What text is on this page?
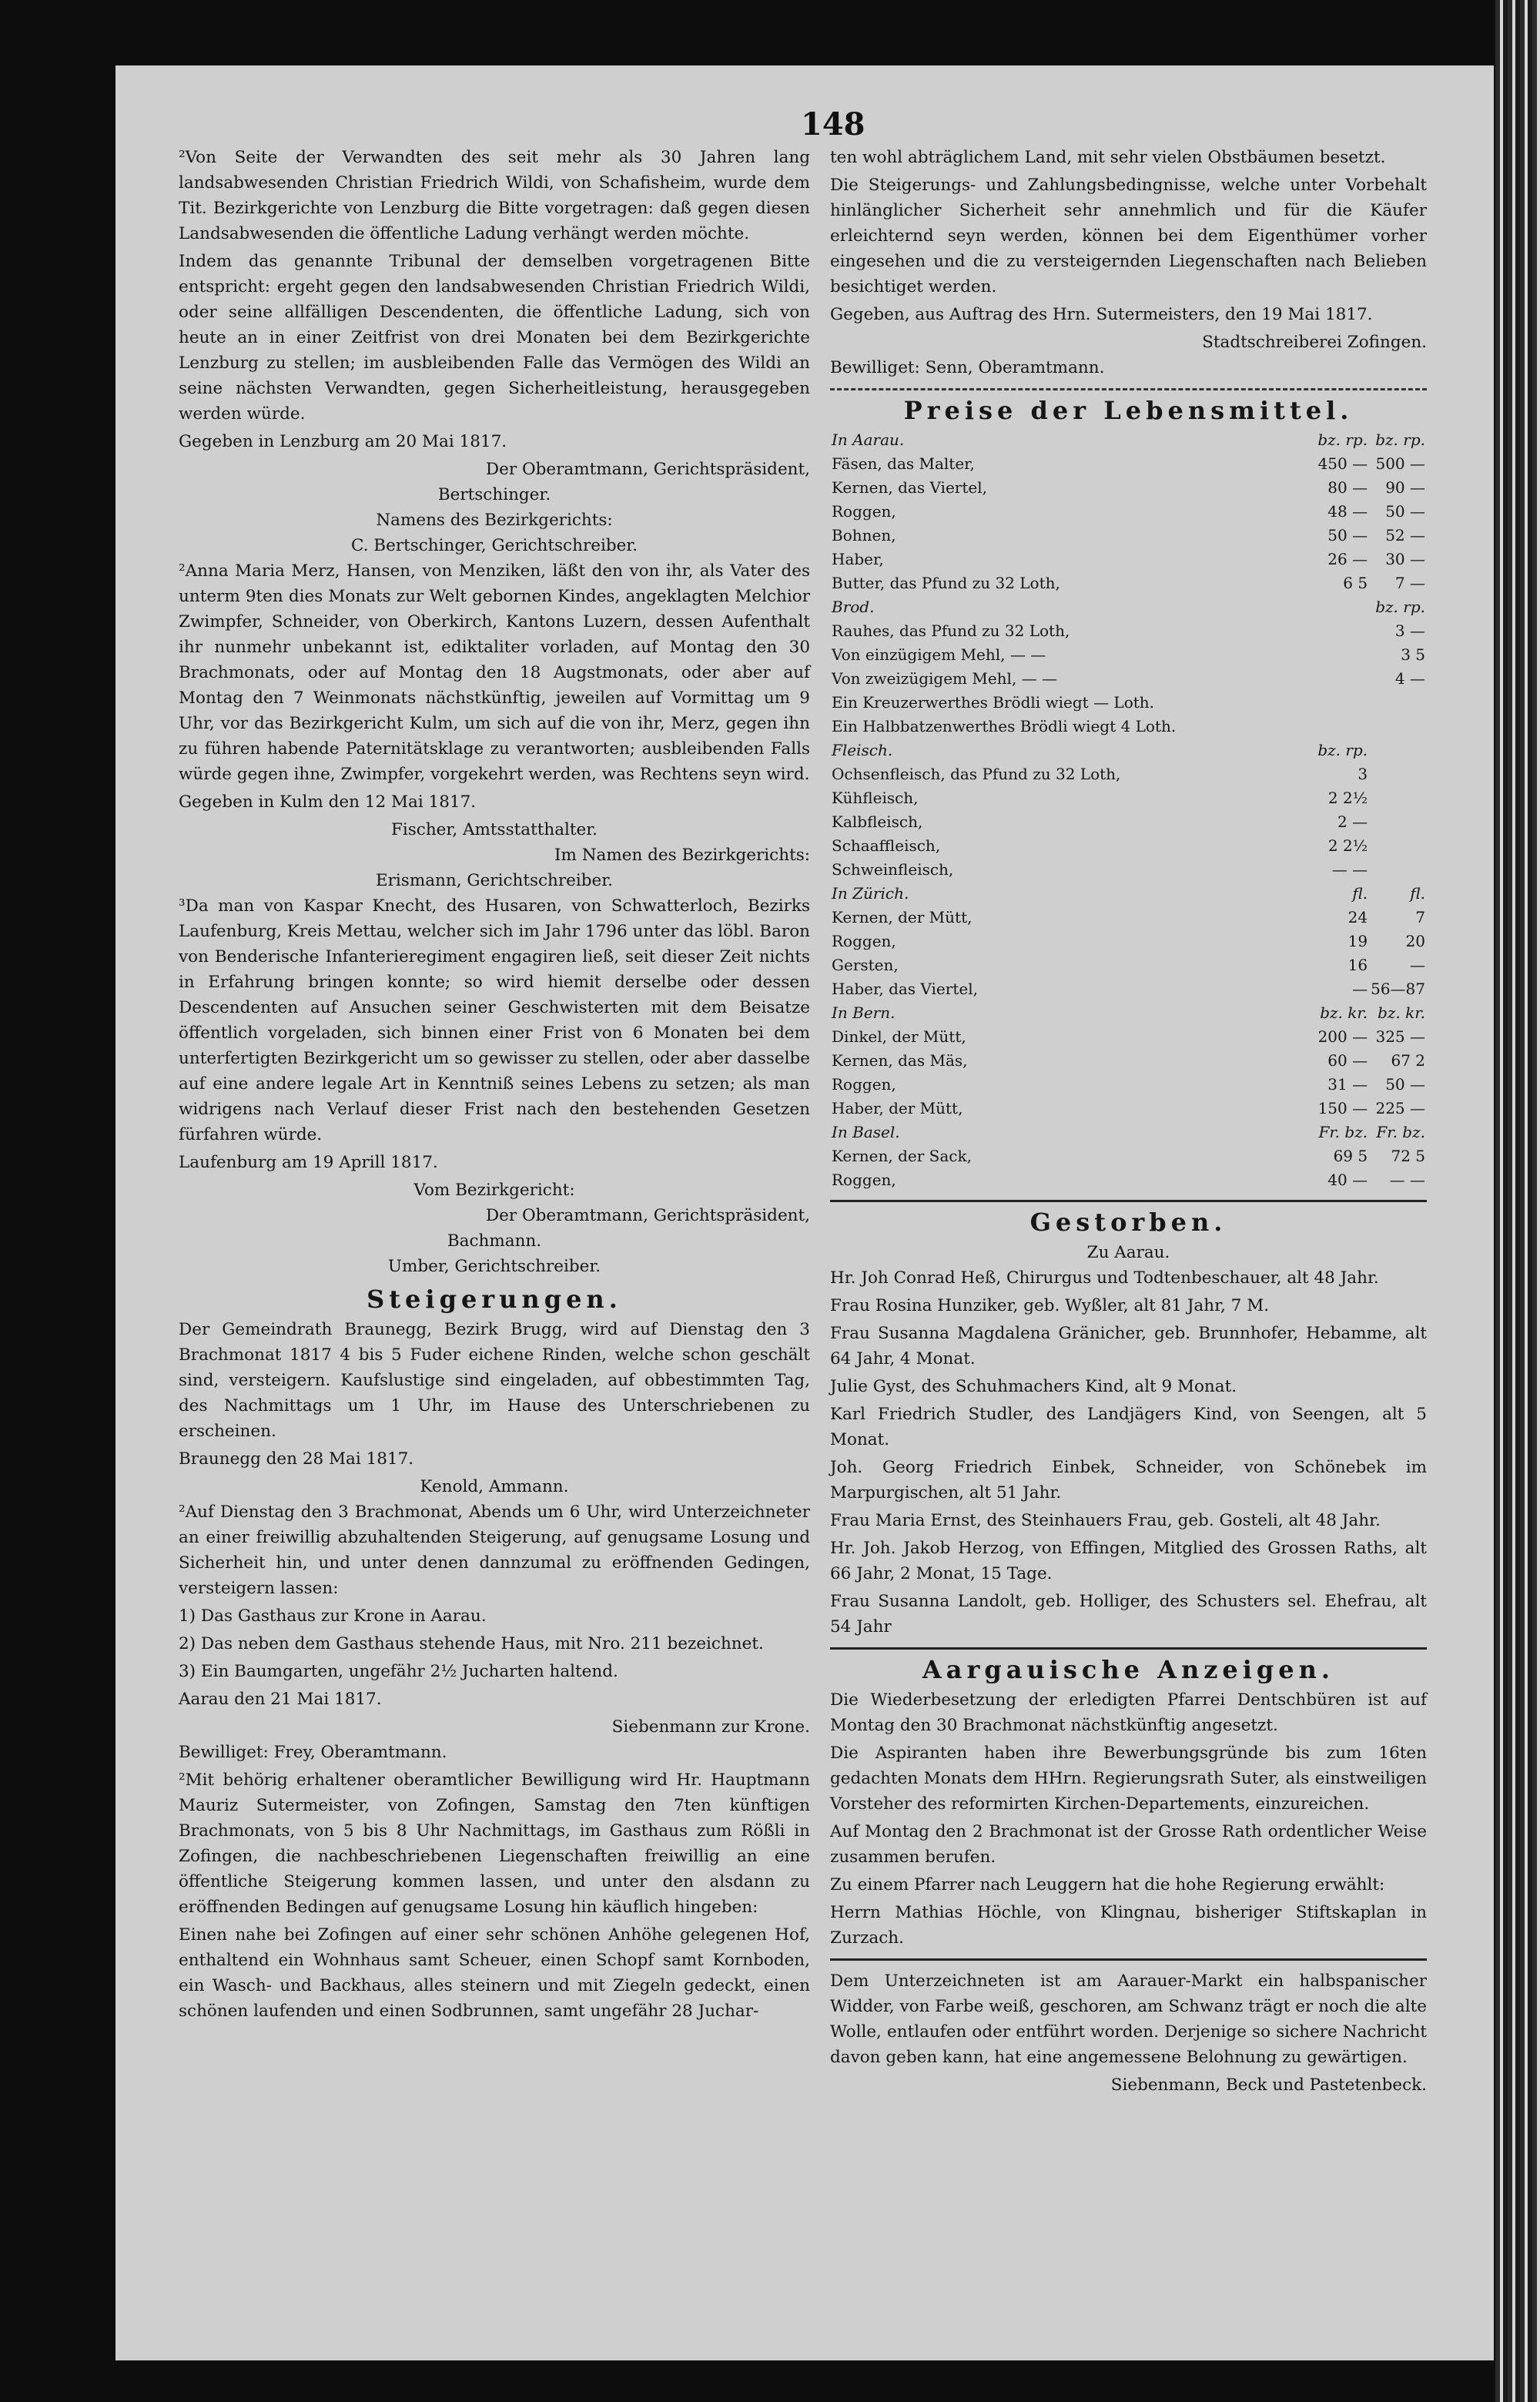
148

²Von Seite der Verwandten des seit mehr als 30 Jahren lang landsabwesenden Christian Friedrich Wildi, von Schafisheim, wurde dem Tit. Bezirkgerichte von Lenzburg die Bitte vorgetragen: daß gegen diesen Landsabwesenden die öffentliche Ladung verhängt werden möchte.

Indem das genannte Tribunal der demselben vorgetragenen Bitte entspricht: ergeht gegen den landsabwesenden Christian Friedrich Wildi, oder seine allfälligen Descendenten, die öffentliche Ladung, sich von heute an in einer Zeitfrist von drei Monaten bei dem Bezirkgerichte Lenzburg zu stellen; im ausbleibenden Falle das Vermögen des Wildi an seine nächsten Verwandten, gegen Sicherheitleistung, herausgegeben werden würde.

Gegeben in Lenzburg am 20 Mai 1817.

Der Oberamtmann, Gerichtspräsident,
Bertschinger.
Namens des Bezirkgerichts:
C. Bertschinger, Gerichtschreiber.

²Anna Maria Merz, Hansen, von Menziken, läßt den von ihr, als Vater des unterm 9ten dies Monats zur Welt gebornen Kindes, angeklagten Melchior Zwimpfer, Schneider, von Oberkirch, Kantons Luzern, dessen Aufenthalt ihr nunmehr unbekannt ist, ediktaliter vorladen, auf Montag den 30 Brachmonats, oder auf Montag den 18 Augstmonats, oder aber auf Montag den 7 Weinmonats nächstkünftig, jeweilen auf Vormittag um 9 Uhr, vor das Bezirkgericht Kulm, um sich auf die von ihr, Merz, gegen ihn zu führen habende Paternitätsklage zu verantworten; ausbleibenden Falls würde gegen ihne, Zwimpfer, vorgekehrt werden, was Rechtens seyn wird.

Gegeben in Kulm den 12 Mai 1817.

Fischer, Amtsstatthalter.
Im Namen des Bezirkgerichts:
Erismann, Gerichtschreiber.

³Da man von Kaspar Knecht, des Husaren, von Schwatterloch, Bezirks Laufenburg, Kreis Mettau, welcher sich im Jahr 1796 unter das löbl. Baron von Benderische Infanterieregiment engagiren ließ, seit dieser Zeit nichts in Erfahrung bringen konnte; so wird hiemit derselbe oder dessen Descendenten auf Ansuchen seiner Geschwisterten mit dem Beisatze öffentlich vorgeladen, sich binnen einer Frist von 6 Monaten bei dem unterfertigten Bezirkgericht um so gewisser zu stellen, oder aber dasselbe auf eine andere legale Art in Kenntniß seines Lebens zu setzen; als man widrigens nach Verlauf dieser Frist nach den bestehenden Gesetzen fürfahren würde.

Laufenburg am 19 Aprill 1817.

Vom Bezirkgericht:
Der Oberamtmann, Gerichtspräsident,
Bachmann.
Umber, Gerichtschreiber.
Steigerungen.

Der Gemeindrath Braunegg, Bezirk Brugg, wird auf Dienstag den 3 Brachmonat 1817 4 bis 5 Fuder eichene Rinden, welche schon geschält sind, versteigern. Kaufslustige sind eingeladen, auf obbestimmten Tag, des Nachmittags um 1 Uhr, im Hause des Unterschriebenen zu erscheinen.

Braunegg den 28 Mai 1817.

Kenold, Ammann.

²Auf Dienstag den 3 Brachmonat, Abends um 6 Uhr, wird Unterzeichneter an einer freiwillig abzuhaltenden Steigerung, auf genugsame Losung und Sicherheit hin, und unter denen dannzumal zu eröffnenden Gedingen, versteigern lassen:

1) Das Gasthaus zur Krone in Aarau.

2) Das neben dem Gasthaus stehende Haus, mit Nro. 211 bezeichnet.

3) Ein Baumgarten, ungefähr 2½ Jucharten haltend.

Aarau den 21 Mai 1817.

Siebenmann zur Krone.

Bewilliget: Frey, Oberamtmann.

²Mit behörig erhaltener oberamtlicher Bewilligung wird Hr. Hauptmann Mauriz Sutermeister, von Zofingen, Samstag den 7ten künftigen Brachmonats, von 5 bis 8 Uhr Nachmittags, im Gasthaus zum Rößli in Zofingen, die nachbeschriebenen Liegenschaften freiwillig an eine öffentliche Steigerung kommen lassen, und unter den alsdann zu eröffnenden Bedingen auf genugsame Losung hin käuflich hingeben:

Einen nahe bei Zofingen auf einer sehr schönen Anhöhe gelegenen Hof, enthaltend ein Wohnhaus samt Scheuer, einen Schopf samt Kornboden, ein Wasch- und Backhaus, alles steinern und mit Ziegeln gedeckt, einen schönen laufenden und einen Sodbrunnen, samt ungefähr 28 Juchar-

ten wohl abträglichem Land, mit sehr vielen Obstbäumen besetzt.

Die Steigerungs- und Zahlungsbedingnisse, welche unter Vorbehalt hinlänglicher Sicherheit sehr annehmlich und für die Käufer erleichternd seyn werden, können bei dem Eigenthümer vorher eingesehen und die zu versteigernden Liegenschaften nach Belieben besichtiget werden.

Gegeben, aus Auftrag des Hrn. Sutermeisters, den 19 Mai 1817.

Stadtschreiberei Zofingen.

Bewilliget: Senn, Oberamtmann.

Preise der Lebensmittel.
In Aarau.	bz. rp.	bz. rp.
Fäsen, das Malter,	450 —	500 —
Kernen, das Viertel,	80 —	90 —
Roggen,	48 —	50 —
Bohnen,	50 —	52 —
Haber,	26 —	30 —
Butter, das Pfund zu 32 Loth,	6 5	7 —
Brod.		bz. rp.
Rauhes, das Pfund zu 32 Loth,		3 —
Von einzügigem Mehl, — —		3 5
Von zweizügigem Mehl, — —		4 —
Ein Kreuzerwerthes Brödli wiegt — Loth.		
Ein Halbbatzenwerthes Brödli wiegt 4 Loth.		
Fleisch.	bz. rp.	
Ochsenfleisch, das Pfund zu 32 Loth,	3	
Kühfleisch,	2 2½	
Kalbfleisch,	2 —	
Schaaffleisch,	2 2½	
Schweinfleisch,	— —	
In Zürich.	fl.	fl.
Kernen, der Mütt,	24	7
Roggen,	19	20
Gersten,	16	—
Haber, das Viertel,	—	56—87
In Bern.	bz. kr.	bz. kr.
Dinkel, der Mütt,	200 —	325 —
Kernen, das Mäs,	60 —	67 2
Roggen,	31 —	50 —
Haber, der Mütt,	150 —	225 —
In Basel.	Fr. bz.	Fr. bz.
Kernen, der Sack,	69 5	72 5
Roggen,	40 —	— —
Gestorben.
Zu Aarau.

Hr. Joh Conrad Heß, Chirurgus und Todtenbeschauer, alt 48 Jahr.

Frau Rosina Hunziker, geb. Wyßler, alt 81 Jahr, 7 M.

Frau Susanna Magdalena Gränicher, geb. Brunnhofer, Hebamme, alt 64 Jahr, 4 Monat.

Julie Gyst, des Schuhmachers Kind, alt 9 Monat.

Karl Friedrich Studler, des Landjägers Kind, von Seengen, alt 5 Monat.

Joh. Georg Friedrich Einbek, Schneider, von Schönebek im Marpurgischen, alt 51 Jahr.

Frau Maria Ernst, des Steinhauers Frau, geb. Gosteli, alt 48 Jahr.

Hr. Joh. Jakob Herzog, von Effingen, Mitglied des Grossen Raths, alt 66 Jahr, 2 Monat, 15 Tage.

Frau Susanna Landolt, geb. Holliger, des Schusters sel. Ehefrau, alt 54 Jahr

Aargauische Anzeigen.

Die Wiederbesetzung der erledigten Pfarrei Dentschbüren ist auf Montag den 30 Brachmonat nächstkünftig angesetzt.

Die Aspiranten haben ihre Bewerbungsgründe bis zum 16ten gedachten Monats dem HHrn. Regierungsrath Suter, als einstweiligen Vorsteher des reformirten Kirchen-Departements, einzureichen.

Auf Montag den 2 Brachmonat ist der Grosse Rath ordentlicher Weise zusammen berufen.

Zu einem Pfarrer nach Leuggern hat die hohe Regierung erwählt:

Herrn Mathias Höchle, von Klingnau, bisheriger Stiftskaplan in Zurzach.

Dem Unterzeichneten ist am Aarauer-Markt ein halbspanischer Widder, von Farbe weiß, geschoren, am Schwanz trägt er noch die alte Wolle, entlaufen oder entführt worden. Derjenige so sichere Nachricht davon geben kann, hat eine angemessene Belohnung zu gewärtigen.

Siebenmann, Beck und Pastetenbeck.
